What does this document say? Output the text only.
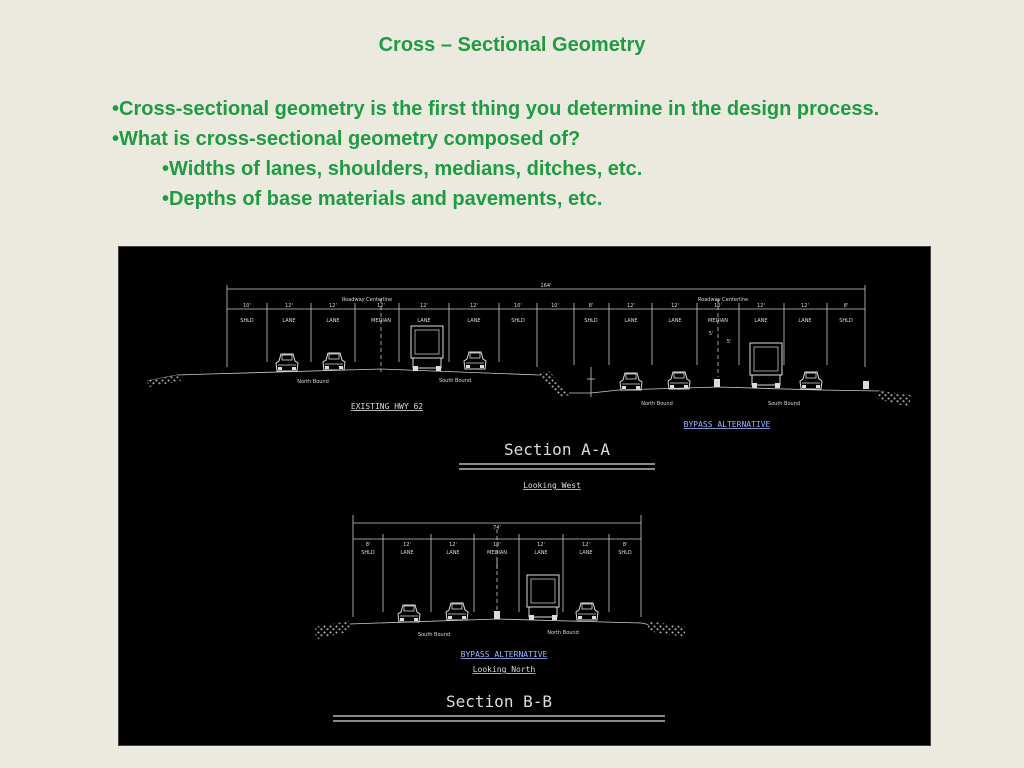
Cross – Sectional Geometry

•Cross-sectional geometry is the first thing you determine in the design process.

•What is cross-sectional geometry composed of?

•Widths of lanes, shoulders, medians, ditches, etc.

•Depths of base materials and pavements, etc.

164'
Roadway Centerline	Roadway Centerline
10'	12'	12'	12'	12'	12'	10'
SHLD	LANE	LANE	MEDIAN	LANE	LANE	SHLD
10'	8'	12'	12'	10'	12'	12'	8'
SHLD	LANE	LANE	MEDIAN	LANE	LANE	SHLD
5'
5'
North Bound	South Bound
North Bound	South Bound
EXISTING HWY 62
BYPASS ALTERNATIVE
Section A-A
Looking West
74'
8'	12'	12'	10'	12'	12'	8'
SHLD	LANE	LANE	MEDIAN	LANE	LANE	SHLD
South Bound	North Bound
BYPASS ALTERNATIVE
Looking North
Section B-B
